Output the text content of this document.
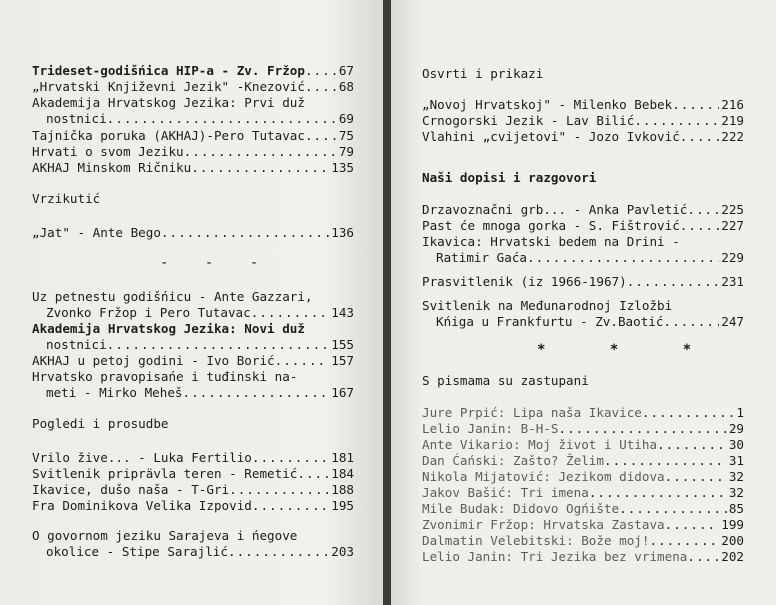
Trideset-godišńica HIP-a - Zv. Fržop .....	67
„Hrvatski Književni Jezik" -Knezović .....	68
Akademija Hrvatskog Jezika: Prvi duž
nostnici .....	69
Tajnička poruka (AKHAJ)-Pero Tutavac .....	75
Hrvati o svom Jeziku .....	79
AKHAJ Minskom Ričniku .....	135
Vrzikutić
„Jat" - Ante Bego .....	136
- - -
Uz petnestu godišńicu - Ante Gazzari,
Zvonko Fržop i Pero Tutavac .....	143
Akademija Hrvatskog Jezika: Novi duž
nostnici .....	155
AKHAJ u petoj godini - Ivo Borić .....	157
Hrvatsko pravopisańe i tuđinski na-
meti - Mirko Meheš .....	167
Pogledi i prosudbe
Vrilo žive... - Luka Fertilio .....	181
Svitlenik priprävla teren - Remetić .....	184
Ikavice, dušo naša - T-Gri .....	188
Fra Dominikova Velika Izpovid .....	195
O govornom jeziku Sarajeva i ńegove
okolice - Stipe Sarajlić .....	203
Osvrti i prikazi
„Novoj Hrvatskoj" - Milenko Bebek .....	216
Crnogorski Jezik - Lav Bilić .....	219
Vlahini „cvijetovi" - Jozo Ivković .....	222
Naši dopisi i razgovori
Drzavoznačni grb... - Anka Pavletić .....	225
Past će mnoga gorka - S. Fištrović .....	227
Ikavica: Hrvatski bedem na Drini -
Ratimir Gaća .....	229
Prasvitlenik (iz 1966-1967) .....	231
Svitlenik na Međunarodnoj Izložbi
Kńiga u Frankfurtu - Zv.Baotić .....	247
* * *
S pismama su zastupani
Jure Prpić: Lipa naša Ikavice .....	1
Lelio Janin: B-H-S .....	29
Ante Vikario: Moj život i Utiha .....	30
Dan Ćański: Zašto? Želim .....	31
Nikola Mijatović: Jezikom didova .....	32
Jakov Bašić: Tri imena .....	32
Mile Budak: Didovo Ogńište .....	85
Zvonimir Fržop: Hrvatska Zastava .....	199
Dalmatin Velebitski: Bože moj! .....	200
Lelio Janin: Tri Jezika bez vrimena .....	202
